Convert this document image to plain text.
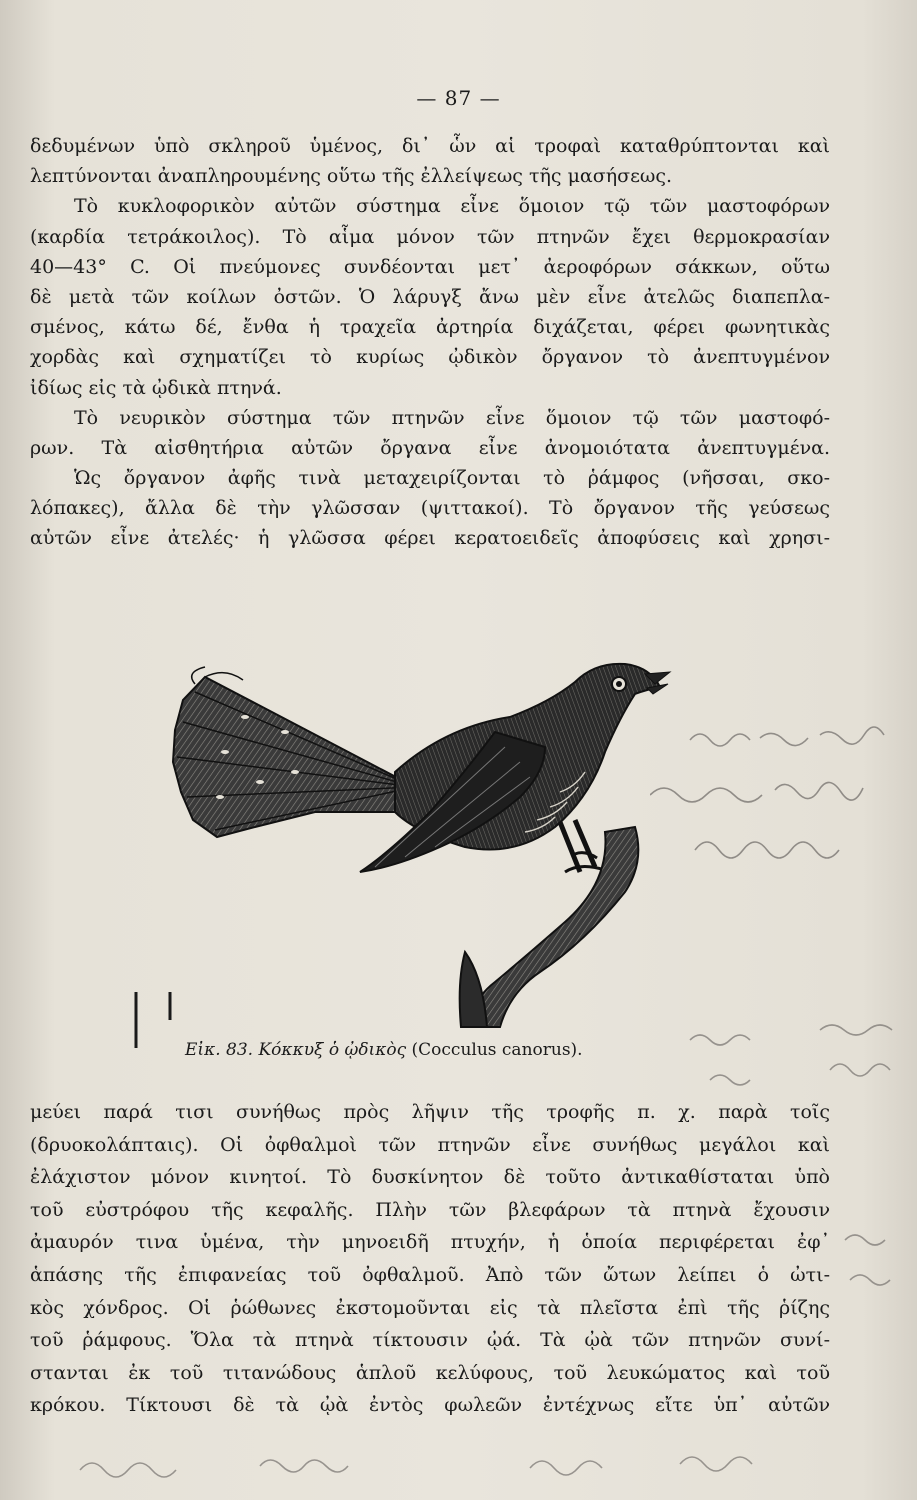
— 87 —
δεδυμένων ὑπὸ σκληροῦ ὑμένος, δι᾽ ὧν αἱ τροφαὶ καταθρύπτονται καὶ
λεπτύνονται ἀναπληρουμένης οὕτω τῆς ἐλλείψεως τῆς μασήσεως.
Τὸ κυκλοφορικὸν αὐτῶν σύστημα εἶνε ὅμοιον τῷ τῶν μαστοφόρων
(καρδία τετράκοιλος). Τὸ αἷμα μόνον τῶν πτηνῶν ἔχει θερμοκρασίαν
40—43° C. Οἱ πνεύμονες συνδέονται μετ᾽ ἀεροφόρων σάκκων, οὕτω
δὲ μετὰ τῶν κοίλων ὀστῶν. Ὁ λάρυγξ ἄνω μὲν εἶνε ἀτελῶς διαπεπλα-
σμένος, κάτω δέ, ἔνθα ἡ τραχεῖα ἀρτηρία διχάζεται, φέρει φωνητικὰς
χορδὰς καὶ σχηματίζει τὸ κυρίως ᾠδικὸν ὄργανον τὸ ἀνεπτυγμένον
ἰδίως εἰς τὰ ᾠδικὰ πτηνά.
Τὸ νευρικὸν σύστημα τῶν πτηνῶν εἶνε ὅμοιον τῷ τῶν μαστοφό-
ρων. Τὰ αἰσθητήρια αὐτῶν ὄργανα εἶνε ἀνομοιότατα ἀνεπτυγμένα.
Ὡς ὄργανον ἀφῆς τινὰ μεταχειρίζονται τὸ ῥάμφος (νῆσσαι, σκο-
λόπακες), ἄλλα δὲ τὴν γλῶσσαν (ψιττακοί). Τὸ ὄργανον τῆς γεύσεως
αὐτῶν εἶνε ἀτελές· ἡ γλῶσσα φέρει κερατοειδεῖς ἀποφύσεις καὶ χρησι-
Εἰκ. 83. Κόκκυξ ὁ ᾠδικὸς (Cocculus canorus).
μεύει παρά τισι συνήθως πρὸς λῆψιν τῆς τροφῆς π. χ. παρὰ τοῖς
(δρυοκολάπταις). Οἱ ὀφθαλμοὶ τῶν πτηνῶν εἶνε συνήθως μεγάλοι καὶ
ἐλάχιστον μόνον κινητοί. Τὸ δυσκίνητον δὲ τοῦτο ἀντικαθίσταται ὑπὸ
τοῦ εὐστρόφου τῆς κεφαλῆς. Πλὴν τῶν βλεφάρων τὰ πτηνὰ ἔχουσιν
ἀμαυρόν τινα ὑμένα, τὴν μηνοειδῆ πτυχήν, ἡ ὁποία περιφέρεται ἐφ᾽
ἁπάσης τῆς ἐπιφανείας τοῦ ὀφθαλμοῦ. Ἀπὸ τῶν ὤτων λείπει ὁ ὠτι-
κὸς χόνδρος. Οἱ ῥώθωνες ἐκστομοῦνται εἰς τὰ πλεῖστα ἐπὶ τῆς ῥίζης
τοῦ ῥάμφους. Ὅλα τὰ πτηνὰ τίκτουσιν ᾠά. Τὰ ᾠὰ τῶν πτηνῶν συνί-
στανται ἐκ τοῦ τιτανώδους ἁπλοῦ κελύφους, τοῦ λευκώματος καὶ τοῦ
κρόκου. Τίκτουσι δὲ τὰ ᾠὰ ἐντὸς φωλεῶν ἐντέχνως εἴτε ὑπ᾽ αὐτῶν
